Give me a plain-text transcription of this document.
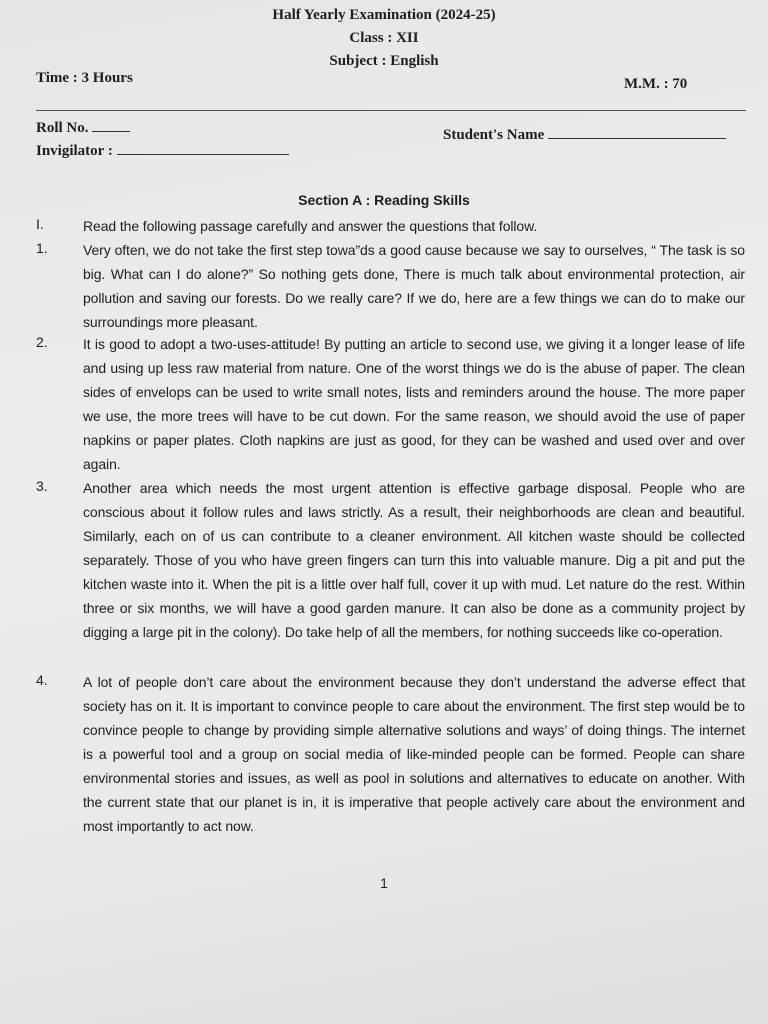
Half Yearly Examination (2024-25)
Class : XII
Subject : English
Time : 3 Hours	M.M. : 70
Roll No.	Student's Name
Invigilator :
Section A : Reading Skills
I.	Read the following passage carefully and answer the questions that follow.
1.	Very often, we do not take the first step towa”ds a good cause because we say to ourselves, “ The task is so big. What can I do alone?” So nothing gets done, There is much talk about environmental protection, air pollution and saving our forests. Do we really care? If we do, here are a few things we can do to make our surroundings more pleasant.
2.	It is good to adopt a two-uses-attitude! By putting an article to second use, we giving it a longer lease of life and using up less raw material from nature. One of the worst things we do is the abuse of paper. The clean sides of envelops can be used to write small notes, lists and reminders around the house. The more paper we use, the more trees will have to be cut down. For the same reason, we should avoid the use of paper napkins or paper plates. Cloth napkins are just as good, for they can be washed and used over and over again.
3.	Another area which needs the most urgent attention is effective garbage disposal. People who are conscious about it follow rules and laws strictly. As a result, their neighborhoods are clean and beautiful. Similarly, each on of us can contribute to a cleaner environment. All kitchen waste should be collected separately. Those of you who have green fingers can turn this into valuable manure. Dig a pit and put the kitchen waste into it. When the pit is a little over half full, cover it up with mud. Let nature do the rest. Within three or six months, we will have a good garden manure. It can also be done as a community project by digging a large pit in the colony). Do take help of all the members, for nothing succeeds like co-operation.
4.	A lot of people don’t care about the environment because they don’t understand the adverse effect that society has on it. It is important to convince people to care about the environment. The first step would be to convince people to change by providing simple alternative solutions and ways’ of doing things. The internet is a powerful tool and a group on social media of like-minded people can be formed. People can share environmental stories and issues, as well as pool in solutions and alternatives to educate on another. With the current state that our planet is in, it is imperative that people actively care about the environment and most importantly to act now.
1
